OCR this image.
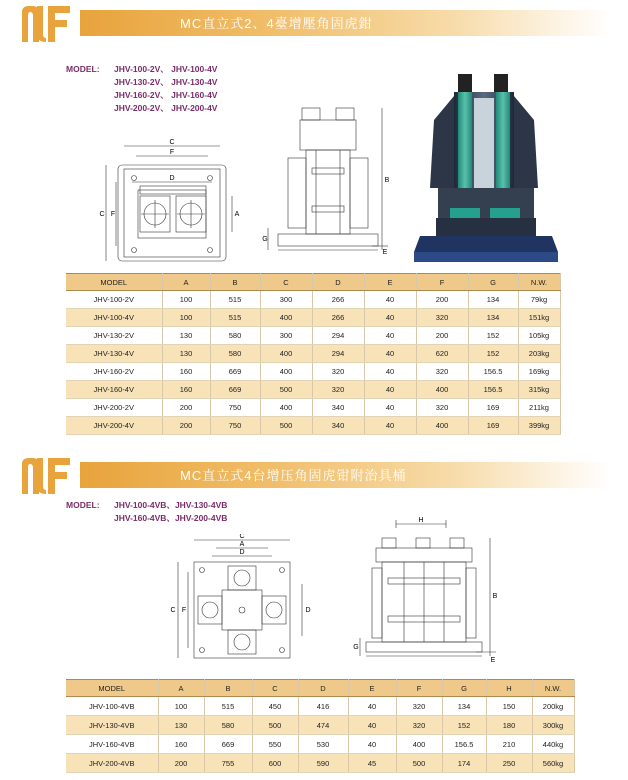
MC直立式2、4臺增壓角固虎鉗
MODEL: JHV-100-2V、 JHV-100-4V
JHV-130-2V、 JHV-130-4V
JHV-160-2V、 JHV-160-4V
JHV-200-2V、 JHV-200-4V
C
F
D
C F	A
B
G
E
MODEL	A	B	C	D	E	F	G	N.W.
JHV-100-2V	100	515	300	266	40	200	134	79kg
JHV-100-4V	100	515	400	266	40	320	134	151kg
JHV-130-2V	130	580	300	294	40	200	152	105kg
JHV-130-4V	130	580	400	294	40	620	152	203kg
JHV-160-2V	160	669	400	320	40	320	156.5	169kg
JHV-160-4V	160	669	500	320	40	400	156.5	315kg
JHV-200-2V	200	750	400	340	40	320	169	211kg
JHV-200-4V	200	750	500	340	40	400	169	399kg
MC直立式4台增压角固虎钳附治具桶
MODEL: JHV-100-4VB、JHV-130-4VB
JHV-160-4VB、JHV-200-4VB
C
A
D
C F	D
H
B
G
E
MODEL	A	B	C	D	E	F	G	H	N.W.
JHV-100-4VB	100	515	450	416	40	320	134	150	200kg
JHV-130-4VB	130	580	500	474	40	320	152	180	300kg
JHV-160-4VB	160	669	550	530	40	400	156.5	210	440kg
JHV-200-4VB	200	755	600	590	45	500	174	250	560kg
